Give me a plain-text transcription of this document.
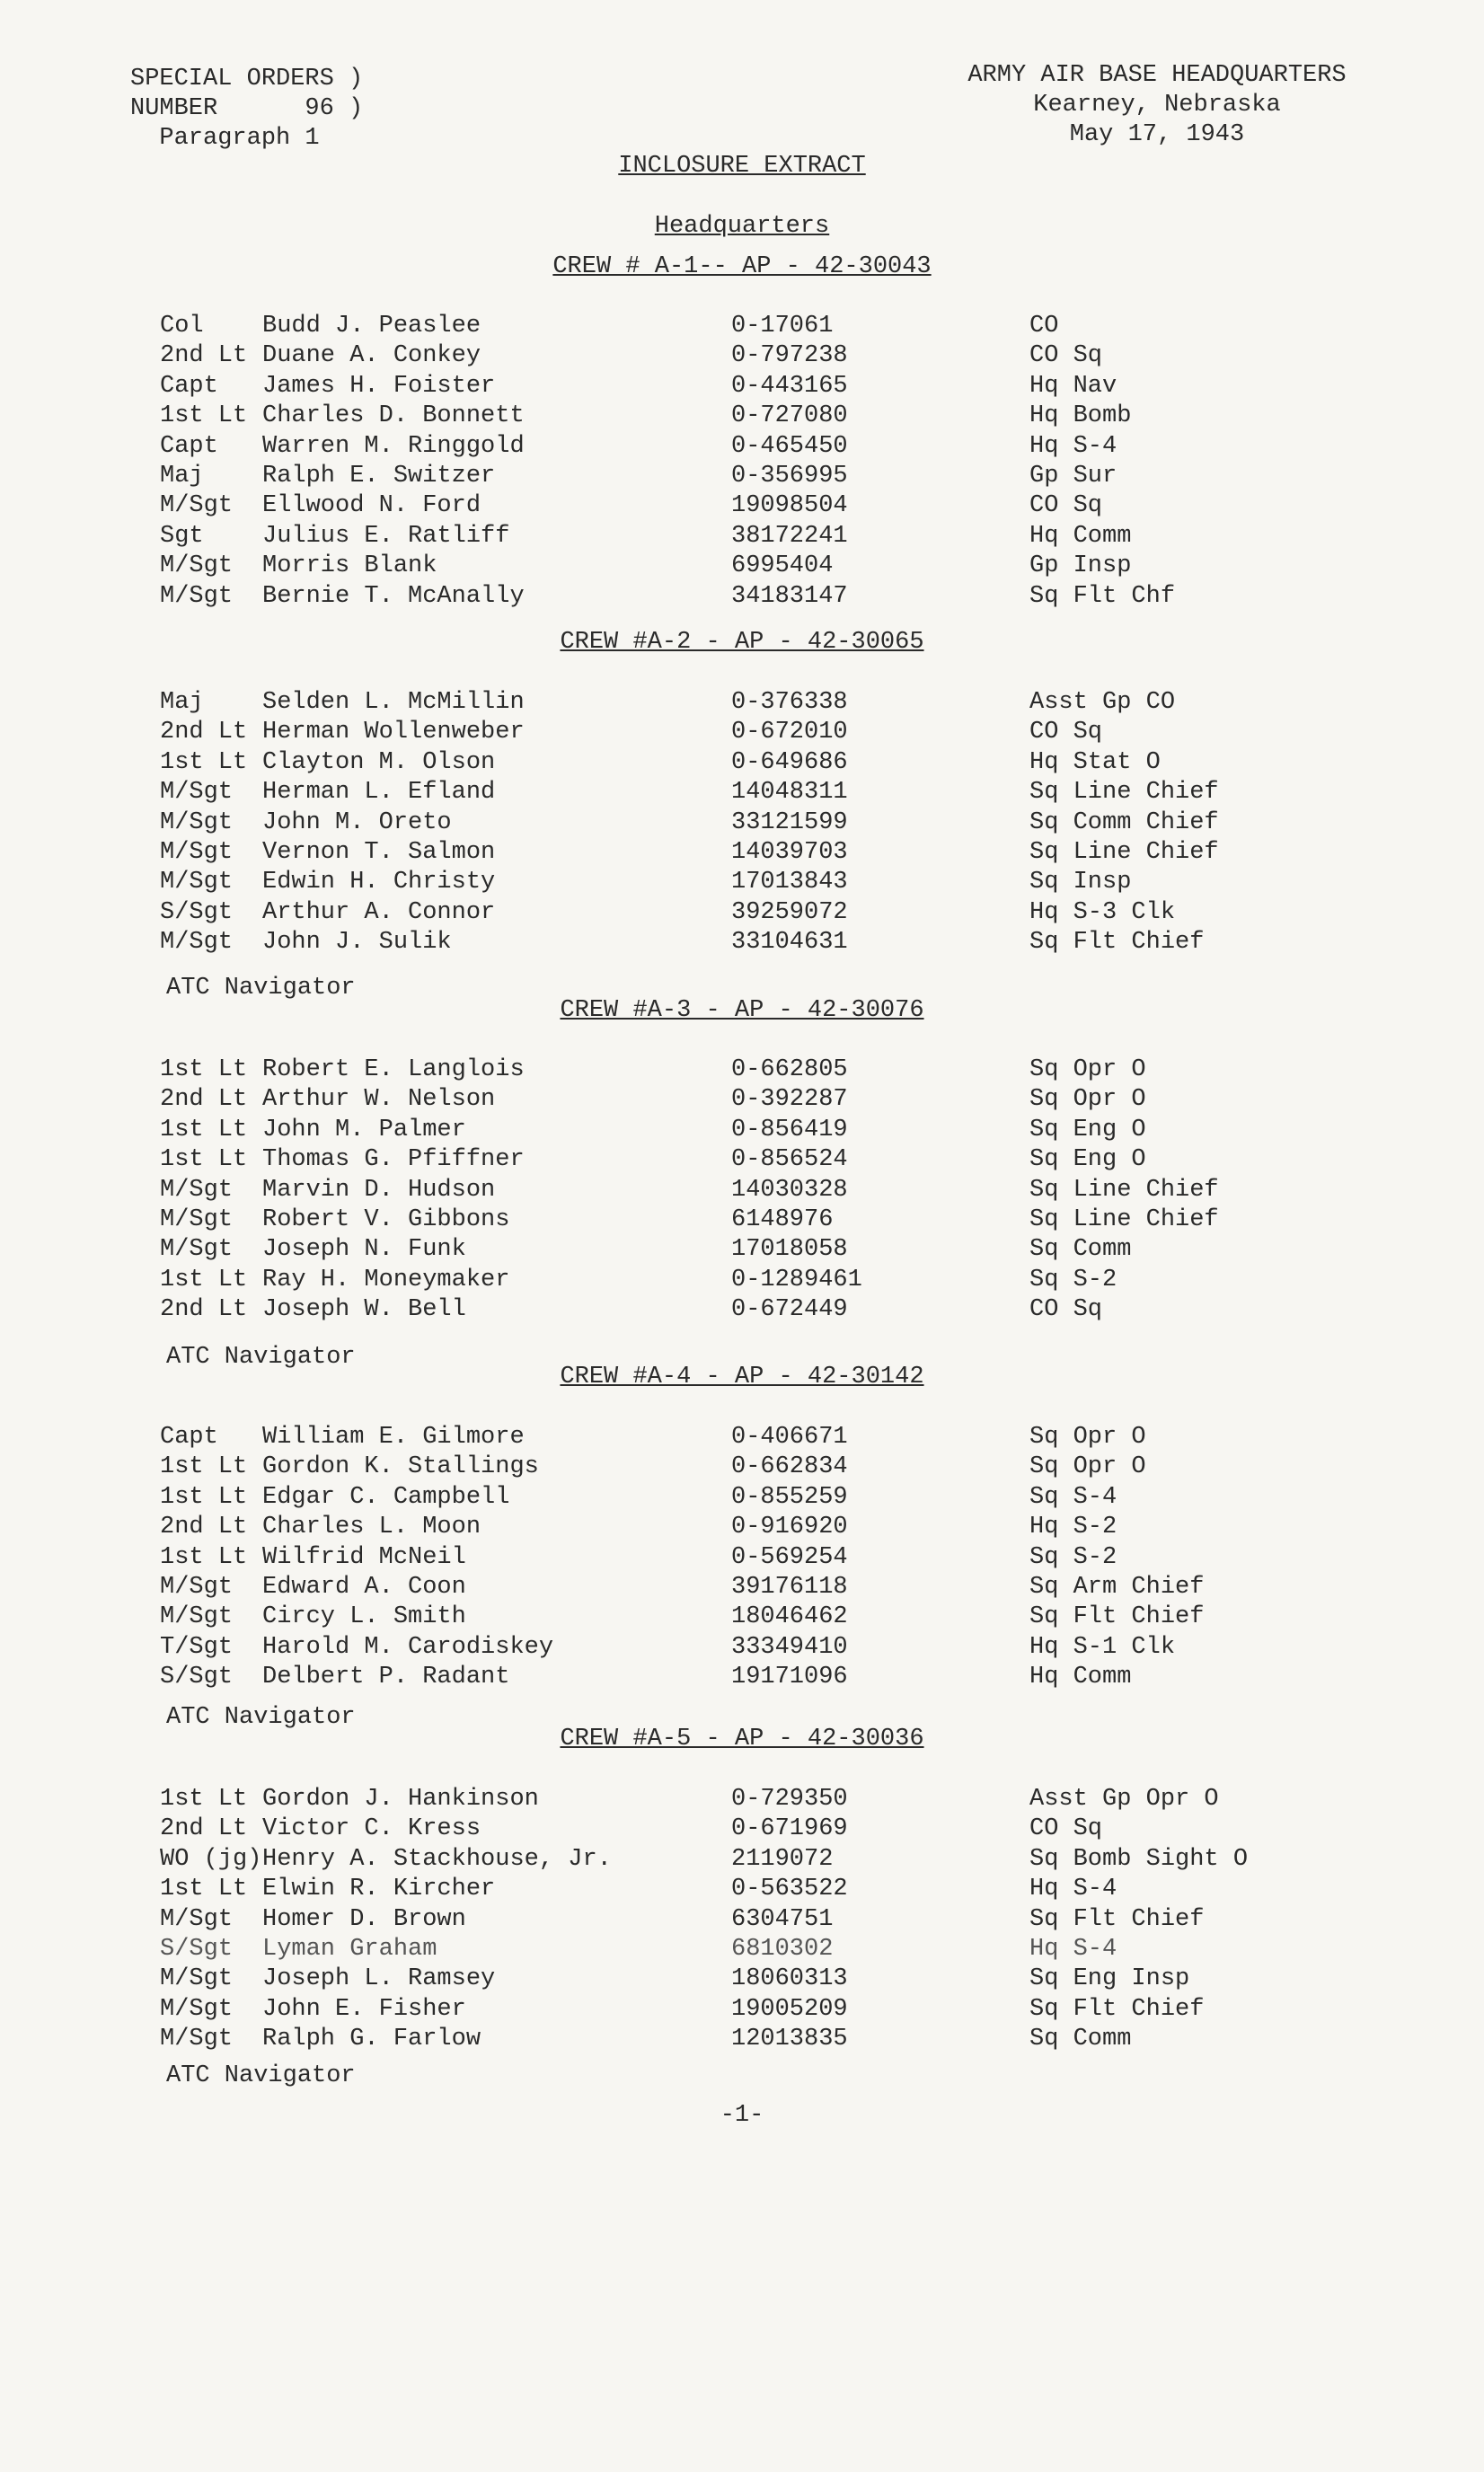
SPECIAL ORDERS )
NUMBER      96 )
Paragraph 1
ARMY AIR BASE HEADQUARTERS
Kearney, Nebraska
May 17, 1943
INCLOSURE EXTRACT
Headquarters
CREW # A-1-- AP - 42-30043
Col Budd J. Peaslee	0-17061	CO
2nd Lt Duane A. Conkey	0-797238	CO Sq
Capt James H. Foister	0-443165	Hq Nav
1st Lt Charles D. Bonnett	0-727080	Hq Bomb
Capt Warren M. Ringgold	0-465450	Hq S-4
Maj Ralph E. Switzer	0-356995	Gp Sur
M/Sgt Ellwood N. Ford	19098504	CO Sq
Sgt Julius E. Ratliff	38172241	Hq Comm
M/Sgt Morris Blank	6995404	Gp Insp
M/Sgt Bernie T. McAnally	34183147	Sq Flt Chf
CREW #A-2 - AP - 42-30065
Maj Selden L. McMillin	0-376338	Asst Gp CO
2nd Lt Herman Wollenweber	0-672010	CO Sq
1st Lt Clayton M. Olson	0-649686	Hq Stat O
M/Sgt Herman L. Efland	14048311	Sq Line Chief
M/Sgt John M. Oreto	33121599	Sq Comm Chief
M/Sgt Vernon T. Salmon	14039703	Sq Line Chief
M/Sgt Edwin H. Christy	17013843	Sq Insp
S/Sgt Arthur A. Connor	39259072	Hq S-3 Clk
M/Sgt John J. Sulik	33104631	Sq Flt Chief
ATC Navigator
CREW #A-3 - AP - 42-30076
1st Lt Robert E. Langlois	0-662805	Sq Opr O
2nd Lt Arthur W. Nelson	0-392287	Sq Opr O
1st Lt John M. Palmer	0-856419	Sq Eng O
1st Lt Thomas G. Pfiffner	0-856524	Sq Eng O
M/Sgt Marvin D. Hudson	14030328	Sq Line Chief
M/Sgt Robert V. Gibbons	6148976	Sq Line Chief
M/Sgt Joseph N. Funk	17018058	Sq Comm
1st Lt Ray H. Moneymaker	0-1289461	Sq S-2
2nd Lt Joseph W. Bell	0-672449	CO Sq
ATC Navigator
CREW #A-4 - AP - 42-30142
Capt William E. Gilmore	0-406671	Sq Opr O
1st Lt Gordon K. Stallings	0-662834	Sq Opr O
1st Lt Edgar C. Campbell	0-855259	Sq S-4
2nd Lt Charles L. Moon	0-916920	Hq S-2
1st Lt Wilfrid McNeil	0-569254	Sq S-2
M/Sgt Edward A. Coon	39176118	Sq Arm Chief
M/Sgt Circy L. Smith	18046462	Sq Flt Chief
T/Sgt Harold M. Carodiskey	33349410	Hq S-1 Clk
S/Sgt Delbert P. Radant	19171096	Hq Comm
ATC Navigator
CREW #A-5 - AP - 42-30036
1st Lt Gordon J. Hankinson	0-729350	Asst Gp Opr O
2nd Lt Victor C. Kress	0-671969	CO Sq
WO (jg) Henry A. Stackhouse, Jr.	2119072	Sq Bomb Sight O
1st Lt Elwin R. Kircher	0-563522	Hq S-4
M/Sgt Homer D. Brown	6304751	Sq Flt Chief
S/Sgt Lyman Graham	6810302	Hq S-4
M/Sgt Joseph L. Ramsey	18060313	Sq Eng Insp
M/Sgt John E. Fisher	19005209	Sq Flt Chief
M/Sgt Ralph G. Farlow	12013835	Sq Comm
ATC Navigator
-1-
